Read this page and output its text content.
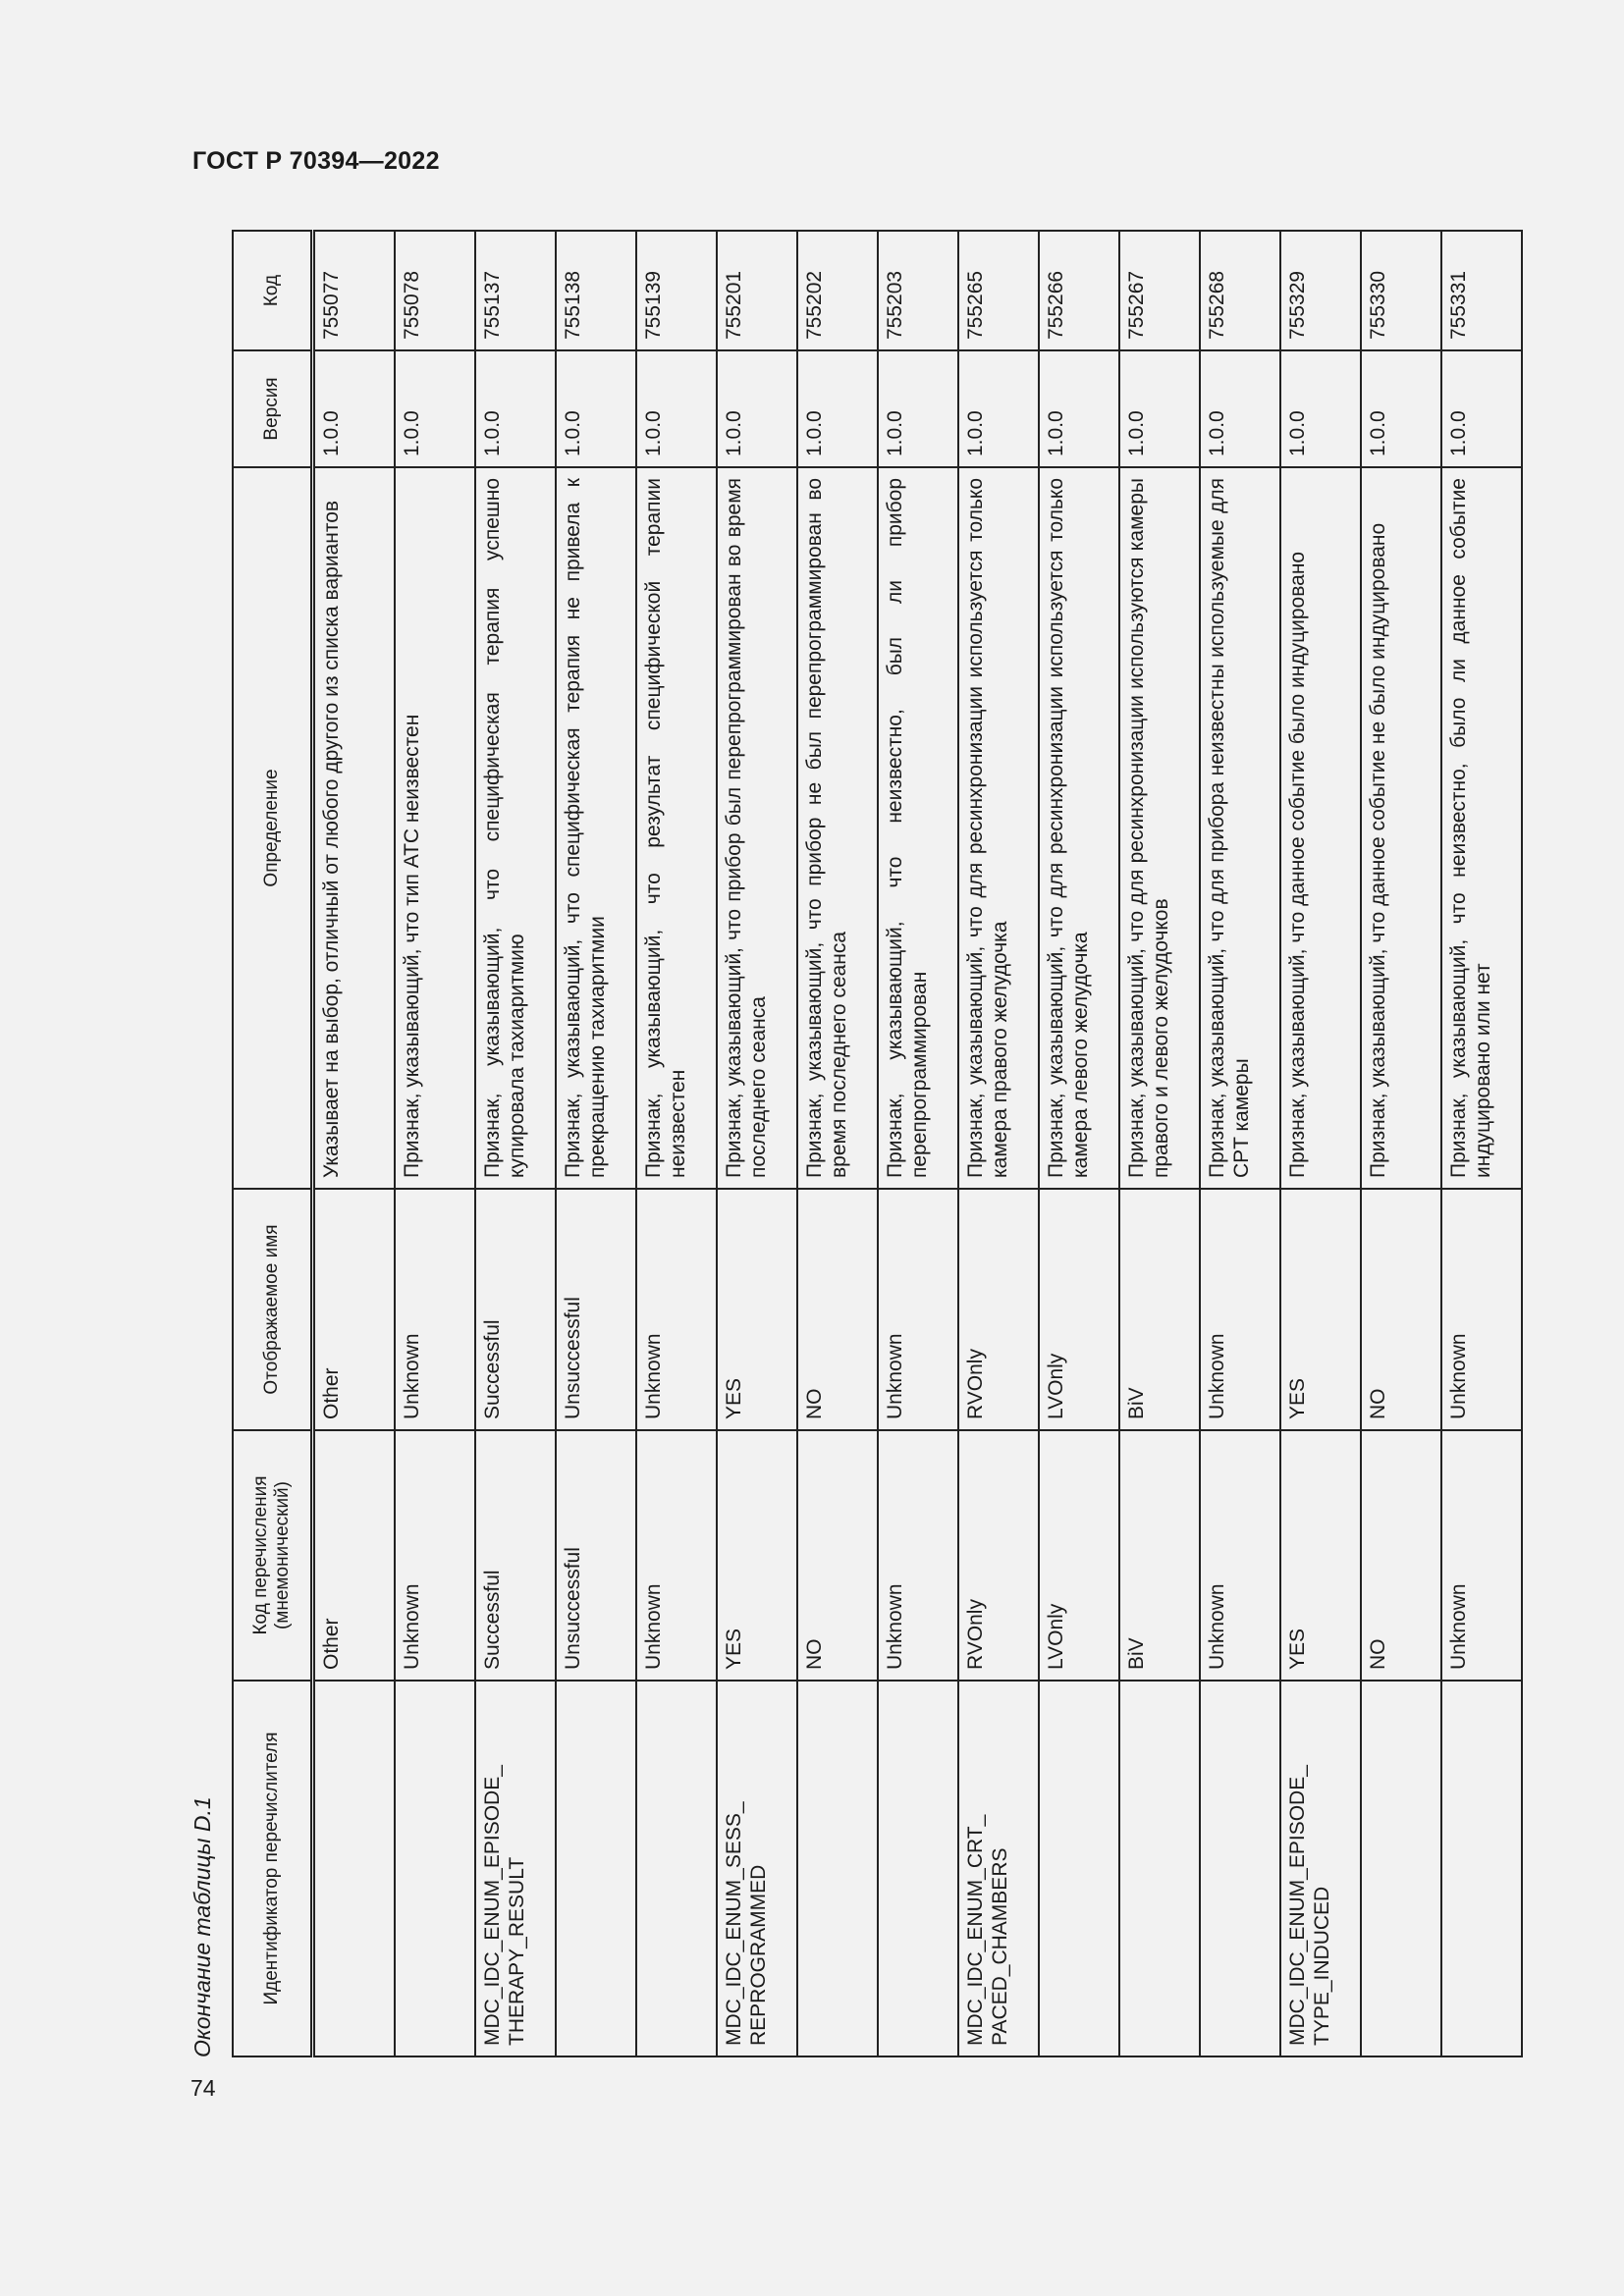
ГОСТ Р 70394—2022
Окончание таблицы D.1
74
Идентификатор перечислителя	Код перечисления (мнемонический)	Отображаемое имя	Определение	Версия	Код
	Other	Other	Указывает на выбор, отличный от любого другого из списка вариантов	1.0.0	755077
	Unknown	Unknown	Признак, указывающий, что тип АТС неизвестен	1.0.0	755078
MDC_IDC_ENUM_EPISODE_ THERAPY_RESULT	Successful	Successful	Признак, указывающий, что специфическая терапия успешно купировала тахиаритмию	1.0.0	755137
	Unsuccessful	Unsuccessful	Признак, указывающий, что специфическая терапия не привела к прекращению тахиаритмии	1.0.0	755138
	Unknown	Unknown	Признак, указывающий, что результат специфической терапии неизвестен	1.0.0	755139
MDC_IDC_ENUM_SESS_ REPROGRAMMED	YES	YES	Признак, указывающий, что прибор был перепрограммирован во время последнего сеанса	1.0.0	755201
	NO	NO	Признак, указывающий, что прибор не был перепрограммирован во время последнего сеанса	1.0.0	755202
	Unknown	Unknown	Признак, указывающий, что неизвестно, был ли прибор перепрограммирован	1.0.0	755203
MDC_IDC_ENUM_CRT_ PACED_CHAMBERS	RVOnly	RVOnly	Признак, указывающий, что для ресинхронизации используется только камера правого желудочка	1.0.0	755265
	LVOnly	LVOnly	Признак, указывающий, что для ресинхронизации используется только камера левого желудочка	1.0.0	755266
	BiV	BiV	Признак, указывающий, что для ресинхронизации используются камеры правого и левого желудочков	1.0.0	755267
	Unknown	Unknown	Признак, указывающий, что для прибора неизвестны используемые для CPT камеры	1.0.0	755268
MDC_IDC_ENUM_EPISODE_ TYPE_INDUCED	YES	YES	Признак, указывающий, что данное событие было индуцировано	1.0.0	755329
	NO	NO	Признак, указывающий, что данное событие не было индуцировано	1.0.0	755330
	Unknown	Unknown	Признак, указывающий, что неизвестно, было ли данное событие индуцировано или нет	1.0.0	755331
